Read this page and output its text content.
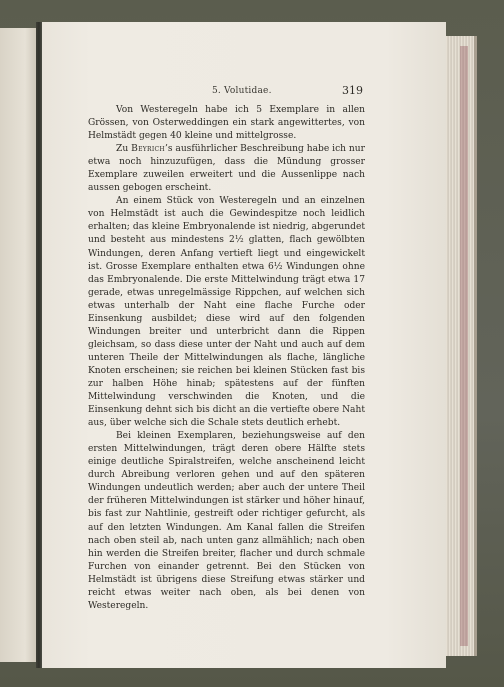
5. Volutidae.	319

Von Westeregeln habe ich 5 Exemplare in allen Grössen, von Osterweddingen ein stark angewittertes, von Helmstädt gegen 40 kleine und mittelgrosse.

Zu Beyrich’s ausführlicher Beschreibung habe ich nur etwa noch hinzuzufügen, dass die Mündung grosser Exemplare zuweilen erweitert und die Aussenlippe nach aussen gebogen erscheint.

An einem Stück von Westeregeln und an einzelnen von Helmstädt ist auch die Gewindespitze noch leidlich erhalten; das kleine Embryonalende ist niedrig, abgerundet und besteht aus mindestens 2½ glatten, flach gewölbten Windungen, deren Anfang vertieft liegt und eingewickelt ist. Grosse Exemplare enthalten etwa 6½ Windungen ohne das Embryonalende. Die erste Mittelwindung trägt etwa 17 gerade, etwas unregelmässige Rippchen, auf welchen sich etwas unterhalb der Naht eine flache Furche oder Einsenkung ausbildet; diese wird auf den folgenden Windungen breiter und unterbricht dann die Rippen gleichsam, so dass diese unter der Naht und auch auf dem unteren Theile der Mittelwindungen als flache, längliche Knoten erscheinen; sie reichen bei kleinen Stücken fast bis zur halben Höhe hinab; spätestens auf der fünften Mittelwindung verschwinden die Knoten, und die Einsenkung dehnt sich bis dicht an die vertiefte obere Naht aus, über welche sich die Schale stets deutlich erhebt.

Bei kleinen Exemplaren, beziehungsweise auf den ersten Mittelwindungen, trägt deren obere Hälfte stets einige deutliche Spiralstreifen, welche anscheinend leicht durch Abreibung verloren gehen und auf den späteren Windungen undeutlich werden; aber auch der untere Theil der früheren Mittelwindungen ist stärker und höher hinauf, bis fast zur Nahtlinie, gestreift oder richtiger gefurcht, als auf den letzten Windungen. Am Kanal fallen die Streifen nach oben steil ab, nach unten ganz allmählich; nach oben hin werden die Streifen breiter, flacher und durch schmale Furchen von einander getrennt. Bei den Stücken von Helmstädt ist übrigens diese Streifung etwas stärker und reicht etwas weiter nach oben, als bei denen von Westeregeln.
